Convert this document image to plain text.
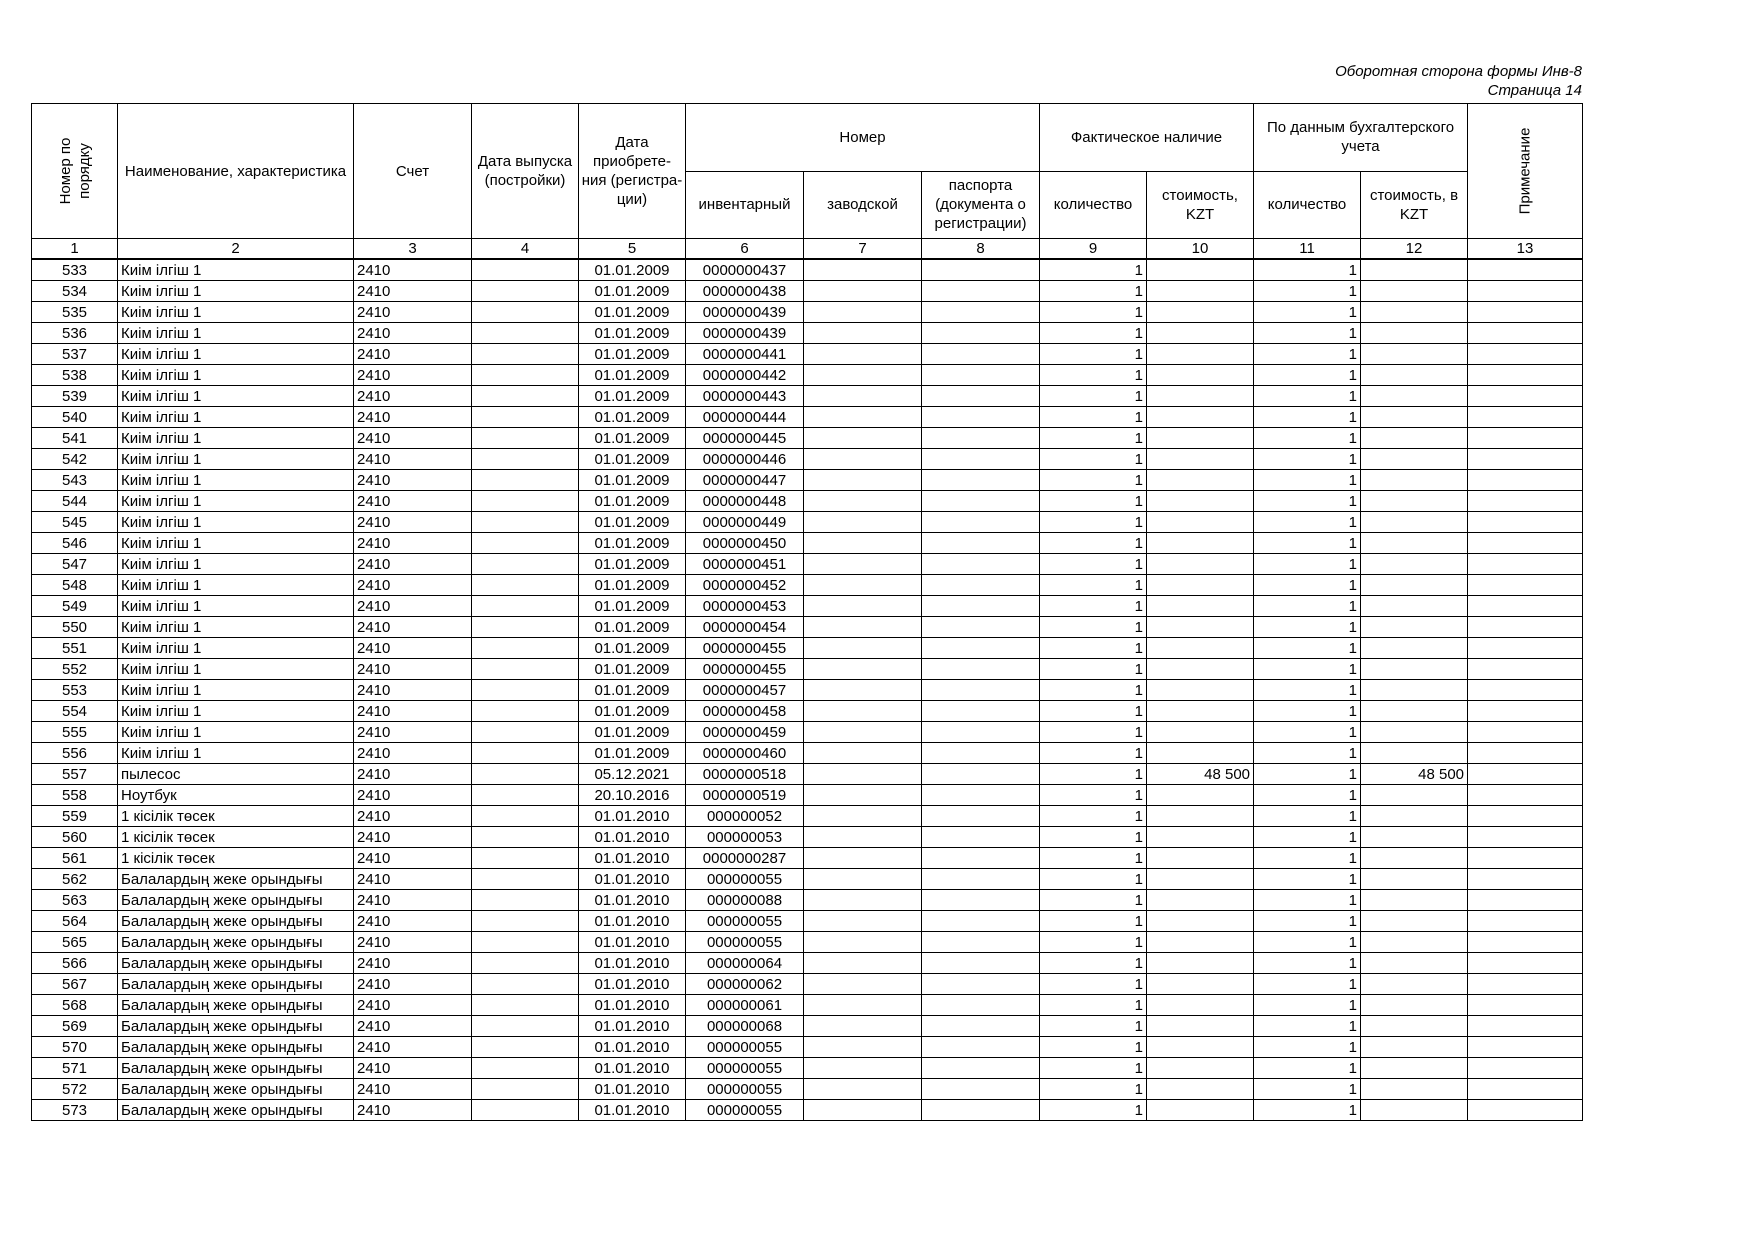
Оборотная сторона формы Инв-8
Страница 14
Номер по порядку	Наименование, характеристика	Счет	Дата выпуска (постройки)	Дата приобрете- ния (регистра- ции)	Номер			Фактическое наличие		По данным бухгалтерского учета		Примечание

					инвентарный	заводской	паспорта (документа о регистрации)	количество	стоимость, KZT	количество	стоимость, в KZT	
1	2	3	4	5	6	7	8	9	10	11	12	13
533	Киім ілгіш 1	2410		01.01.2009	0000000437			1		1		
534	Киім ілгіш 1	2410		01.01.2009	0000000438			1		1		
535	Киім ілгіш 1	2410		01.01.2009	0000000439			1		1		
536	Киім ілгіш 1	2410		01.01.2009	0000000439			1		1		
537	Киім ілгіш 1	2410		01.01.2009	0000000441			1		1		
538	Киім ілгіш 1	2410		01.01.2009	0000000442			1		1		
539	Киім ілгіш 1	2410		01.01.2009	0000000443			1		1		
540	Киім ілгіш 1	2410		01.01.2009	0000000444			1		1		
541	Киім ілгіш 1	2410		01.01.2009	0000000445			1		1		
542	Киім ілгіш 1	2410		01.01.2009	0000000446			1		1		
543	Киім ілгіш 1	2410		01.01.2009	0000000447			1		1		
544	Киім ілгіш 1	2410		01.01.2009	0000000448			1		1		
545	Киім ілгіш 1	2410		01.01.2009	0000000449			1		1		
546	Киім ілгіш 1	2410		01.01.2009	0000000450			1		1		
547	Киім ілгіш 1	2410		01.01.2009	0000000451			1		1		
548	Киім ілгіш 1	2410		01.01.2009	0000000452			1		1		
549	Киім ілгіш 1	2410		01.01.2009	0000000453			1		1		
550	Киім ілгіш 1	2410		01.01.2009	0000000454			1		1		
551	Киім ілгіш 1	2410		01.01.2009	0000000455			1		1		
552	Киім ілгіш 1	2410		01.01.2009	0000000455			1		1		
553	Киім ілгіш 1	2410		01.01.2009	0000000457			1		1		
554	Киім ілгіш 1	2410		01.01.2009	0000000458			1		1		
555	Киім ілгіш 1	2410		01.01.2009	0000000459			1		1		
556	Киім ілгіш 1	2410		01.01.2009	0000000460			1		1		
557	пылесос	2410		05.12.2021	0000000518			1	48 500	1	48 500	
558	Ноутбук	2410		20.10.2016	0000000519			1		1		
559	1 кісілік төсек	2410		01.01.2010	000000052			1		1		
560	1 кісілік төсек	2410		01.01.2010	000000053			1		1		
561	1 кісілік төсек	2410		01.01.2010	0000000287			1		1		
562	Балалардың жеке орындығы	2410		01.01.2010	000000055			1		1		
563	Балалардың жеке орындығы	2410		01.01.2010	000000088			1		1		
564	Балалардың жеке орындығы	2410		01.01.2010	000000055			1		1		
565	Балалардың жеке орындығы	2410		01.01.2010	000000055			1		1		
566	Балалардың жеке орындығы	2410		01.01.2010	000000064			1		1		
567	Балалардың жеке орындығы	2410		01.01.2010	000000062			1		1		
568	Балалардың жеке орындығы	2410		01.01.2010	000000061			1		1		
569	Балалардың жеке орындығы	2410		01.01.2010	000000068			1		1		
570	Балалардың жеке орындығы	2410		01.01.2010	000000055			1		1		
571	Балалардың жеке орындығы	2410		01.01.2010	000000055			1		1		
572	Балалардың жеке орындығы	2410		01.01.2010	000000055			1		1		
573	Балалардың жеке орындығы	2410		01.01.2010	000000055			1		1		
